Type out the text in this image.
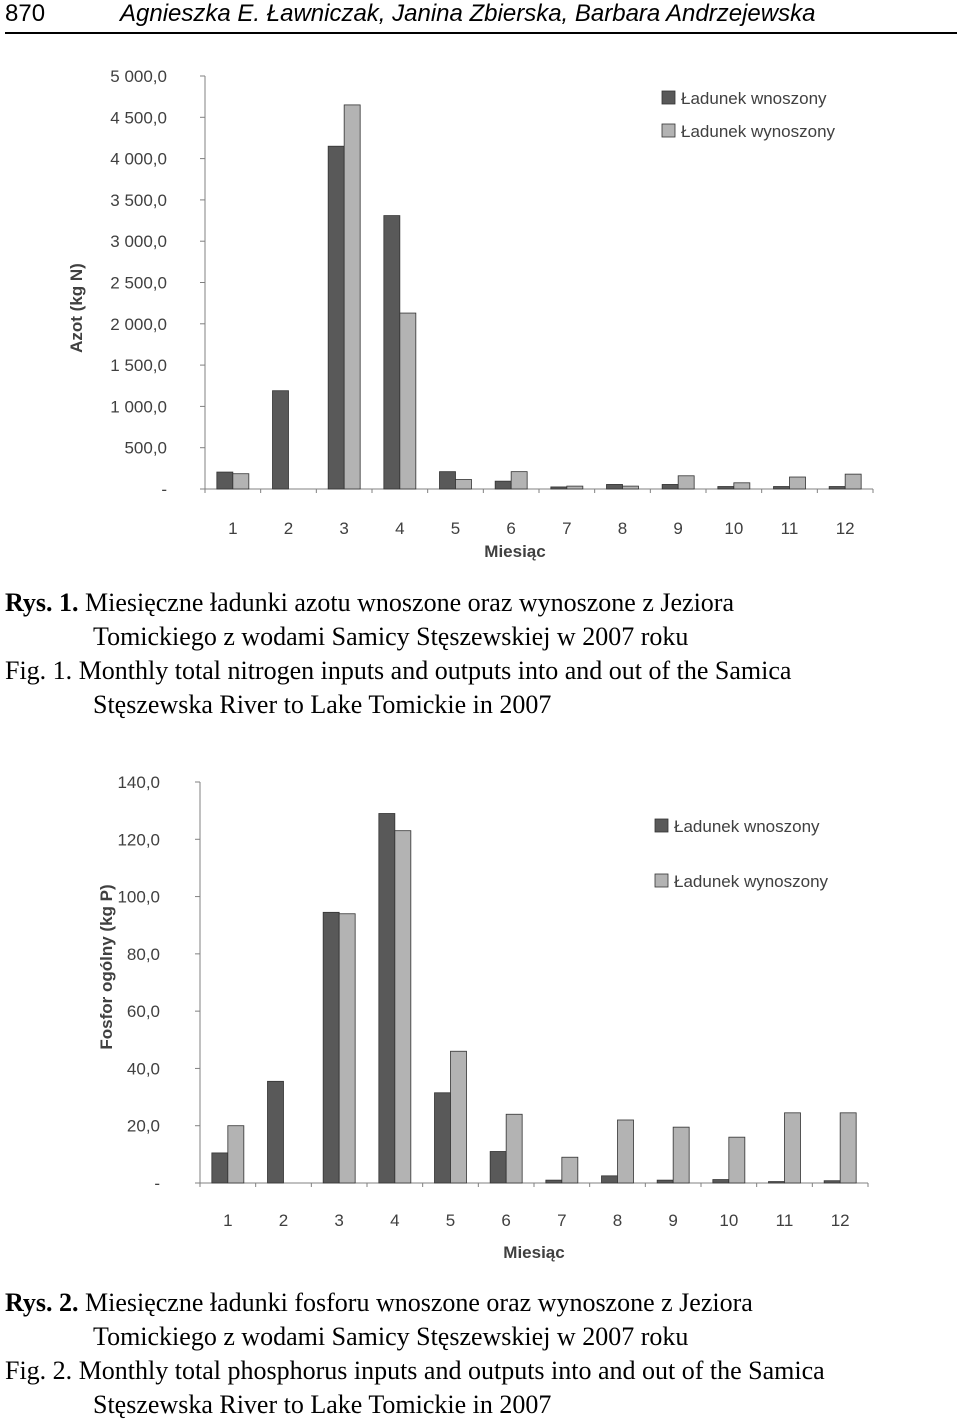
870	Agnieszka E. Ławniczak, Janina Zbierska, Barbara Andrzejewska
-
500,0
1 000,0
1 500,0
2 000,0
2 500,0
3 000,0
3 500,0
4 000,0
4 500,0
5 000,0
Azot (kg N)
1	2	3	4	5	6	7	8	9 10 11 12
Miesiąc
Ładunek wnoszony
Ładunek wynoszony
Rys. 1. Miesięczne ładunki azotu wnoszone oraz wynoszone z Jeziora
Tomickiego z wodami Samicy Stęszewskiej w 2007 roku
Fig. 1. Monthly total nitrogen inputs and outputs into and out of the Samica
Stęszewska River to Lake Tomickie in 2007
-
20,0
40,0
60,0
80,0
100,0
120,0
140,0
Fosfor ogólny (kg P)
1	2	3	4	5	6	7	8	9 10 11 12
Miesiąc
Ładunek wnoszony
Ładunek wynoszony
Rys. 2. Miesięczne ładunki fosforu wnoszone oraz wynoszone z Jeziora
Tomickiego z wodami Samicy Stęszewskiej w 2007 roku
Fig. 2. Monthly total phosphorus inputs and outputs into and out of the Samica
Stęszewska River to Lake Tomickie in 2007
